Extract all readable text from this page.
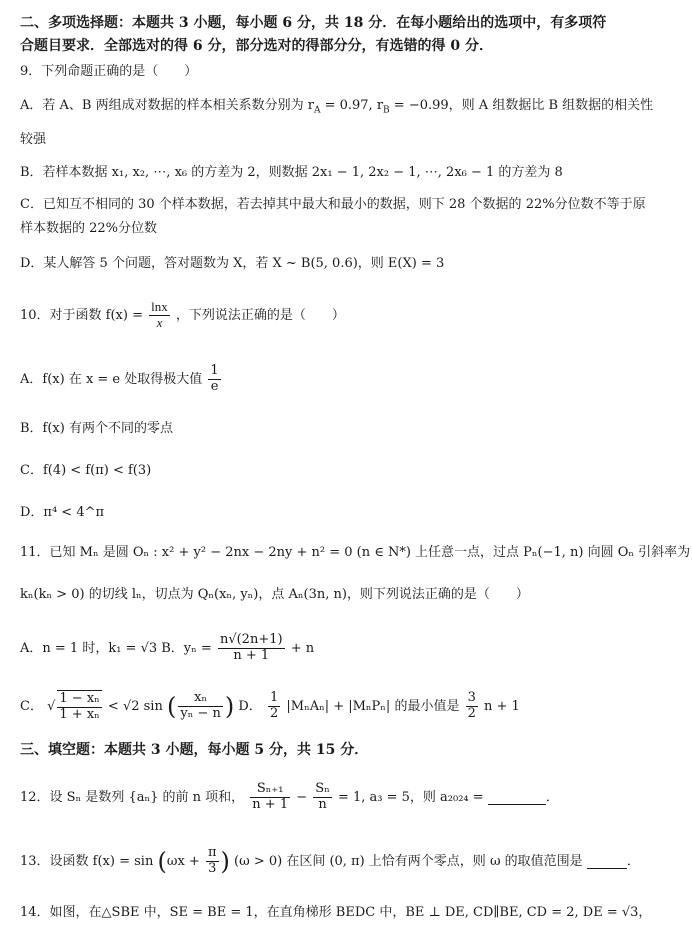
二、多项选择题：本题共 3 小题，每小题 6 分，共 18 分．在每小题给出的选项中，有多项符
合题目要求．全部选对的得 6 分，部分选对的得部分分，有选错的得 0 分．
9．下列命题正确的是（　　）
A．若 A、B 两组成对数据的样本相关系数分别为 $r_A = 0.97$, $r_B = -0.99$，则 A 组数据比 B 组数据的相关性
较强
B．若样本数据 x₁, x₂, ⋯, x₆ 的方差为 2，则数据 2x₁ − 1, 2x₂ − 1, ⋯, 2x₆ − 1 的方差为 8
C．已知互不相同的 30 个样本数据，若去掉其中最大和最小的数据，则下 28 个数据的 22%分位数不等于原
样本数据的 22%分位数
D．某人解答 5 个问题，答对题数为 X，若 X ~ B(5, 0.6)，则 E(X) = 3
10．对于函数 $f(x) = \frac{\ln x}{x}$ ，下列说法正确的是（　　）
A．f(x) 在 x = e 处取得极大值 $\frac{1}{e}$
B．f(x) 有两个不同的零点
C．f(4) < f(π) < f(3)
D．π⁴ < 4^π
11．已知 Mₙ 是圆 Oₙ : x² + y² − 2nx − 2ny + n² = 0 (n ∈ N*) 上任意一点，过点 Pₙ(−1, n) 向圆 Oₙ 引斜率为
kₙ(kₙ > 0) 的切线 lₙ，切点为 Qₙ(xₙ, yₙ)，点 Aₙ(3n, n)，则下列说法正确的是（　　）
A．n = 1 时，k₁ = √3 B．$y_n = \frac{n√(2n+1)}{n + 1} + n$
C． √ $\frac{\text{1 − xₙ}}{\text{1 + xₙ}} < √2$ sin ( $\frac{\text{xₙ}}{\text{yₙ − n}}$ ) D． $\frac{1}{2} |M_nA_n| + |M_nP_n|$ 的最小值是 $\frac{3}{2}$ n + 1
三、填空题：本题共 3 小题，每小题 5 分，共 15 分．
12．设 Sₙ 是数列 {aₙ} 的前 n 项和， $\frac{\text{Sₙ₊₁}}{n + 1} - \frac{\text{Sₙ}}{n} = 1$, a₃ = 5，则 a₂₀₂₄ =	．
13．设函数 $f(x) = \sin (\omega x + \frac{\pi}{3}$ ) (ω > 0) 在区间 (0, π) 上恰有两个零点，则 ω 的取值范围是	．
14．如图，在△SBE 中，SE = BE = 1，在直角梯形 BEDC 中，BE ⊥ DE, CD∥BE, CD = 2, DE = √3，
